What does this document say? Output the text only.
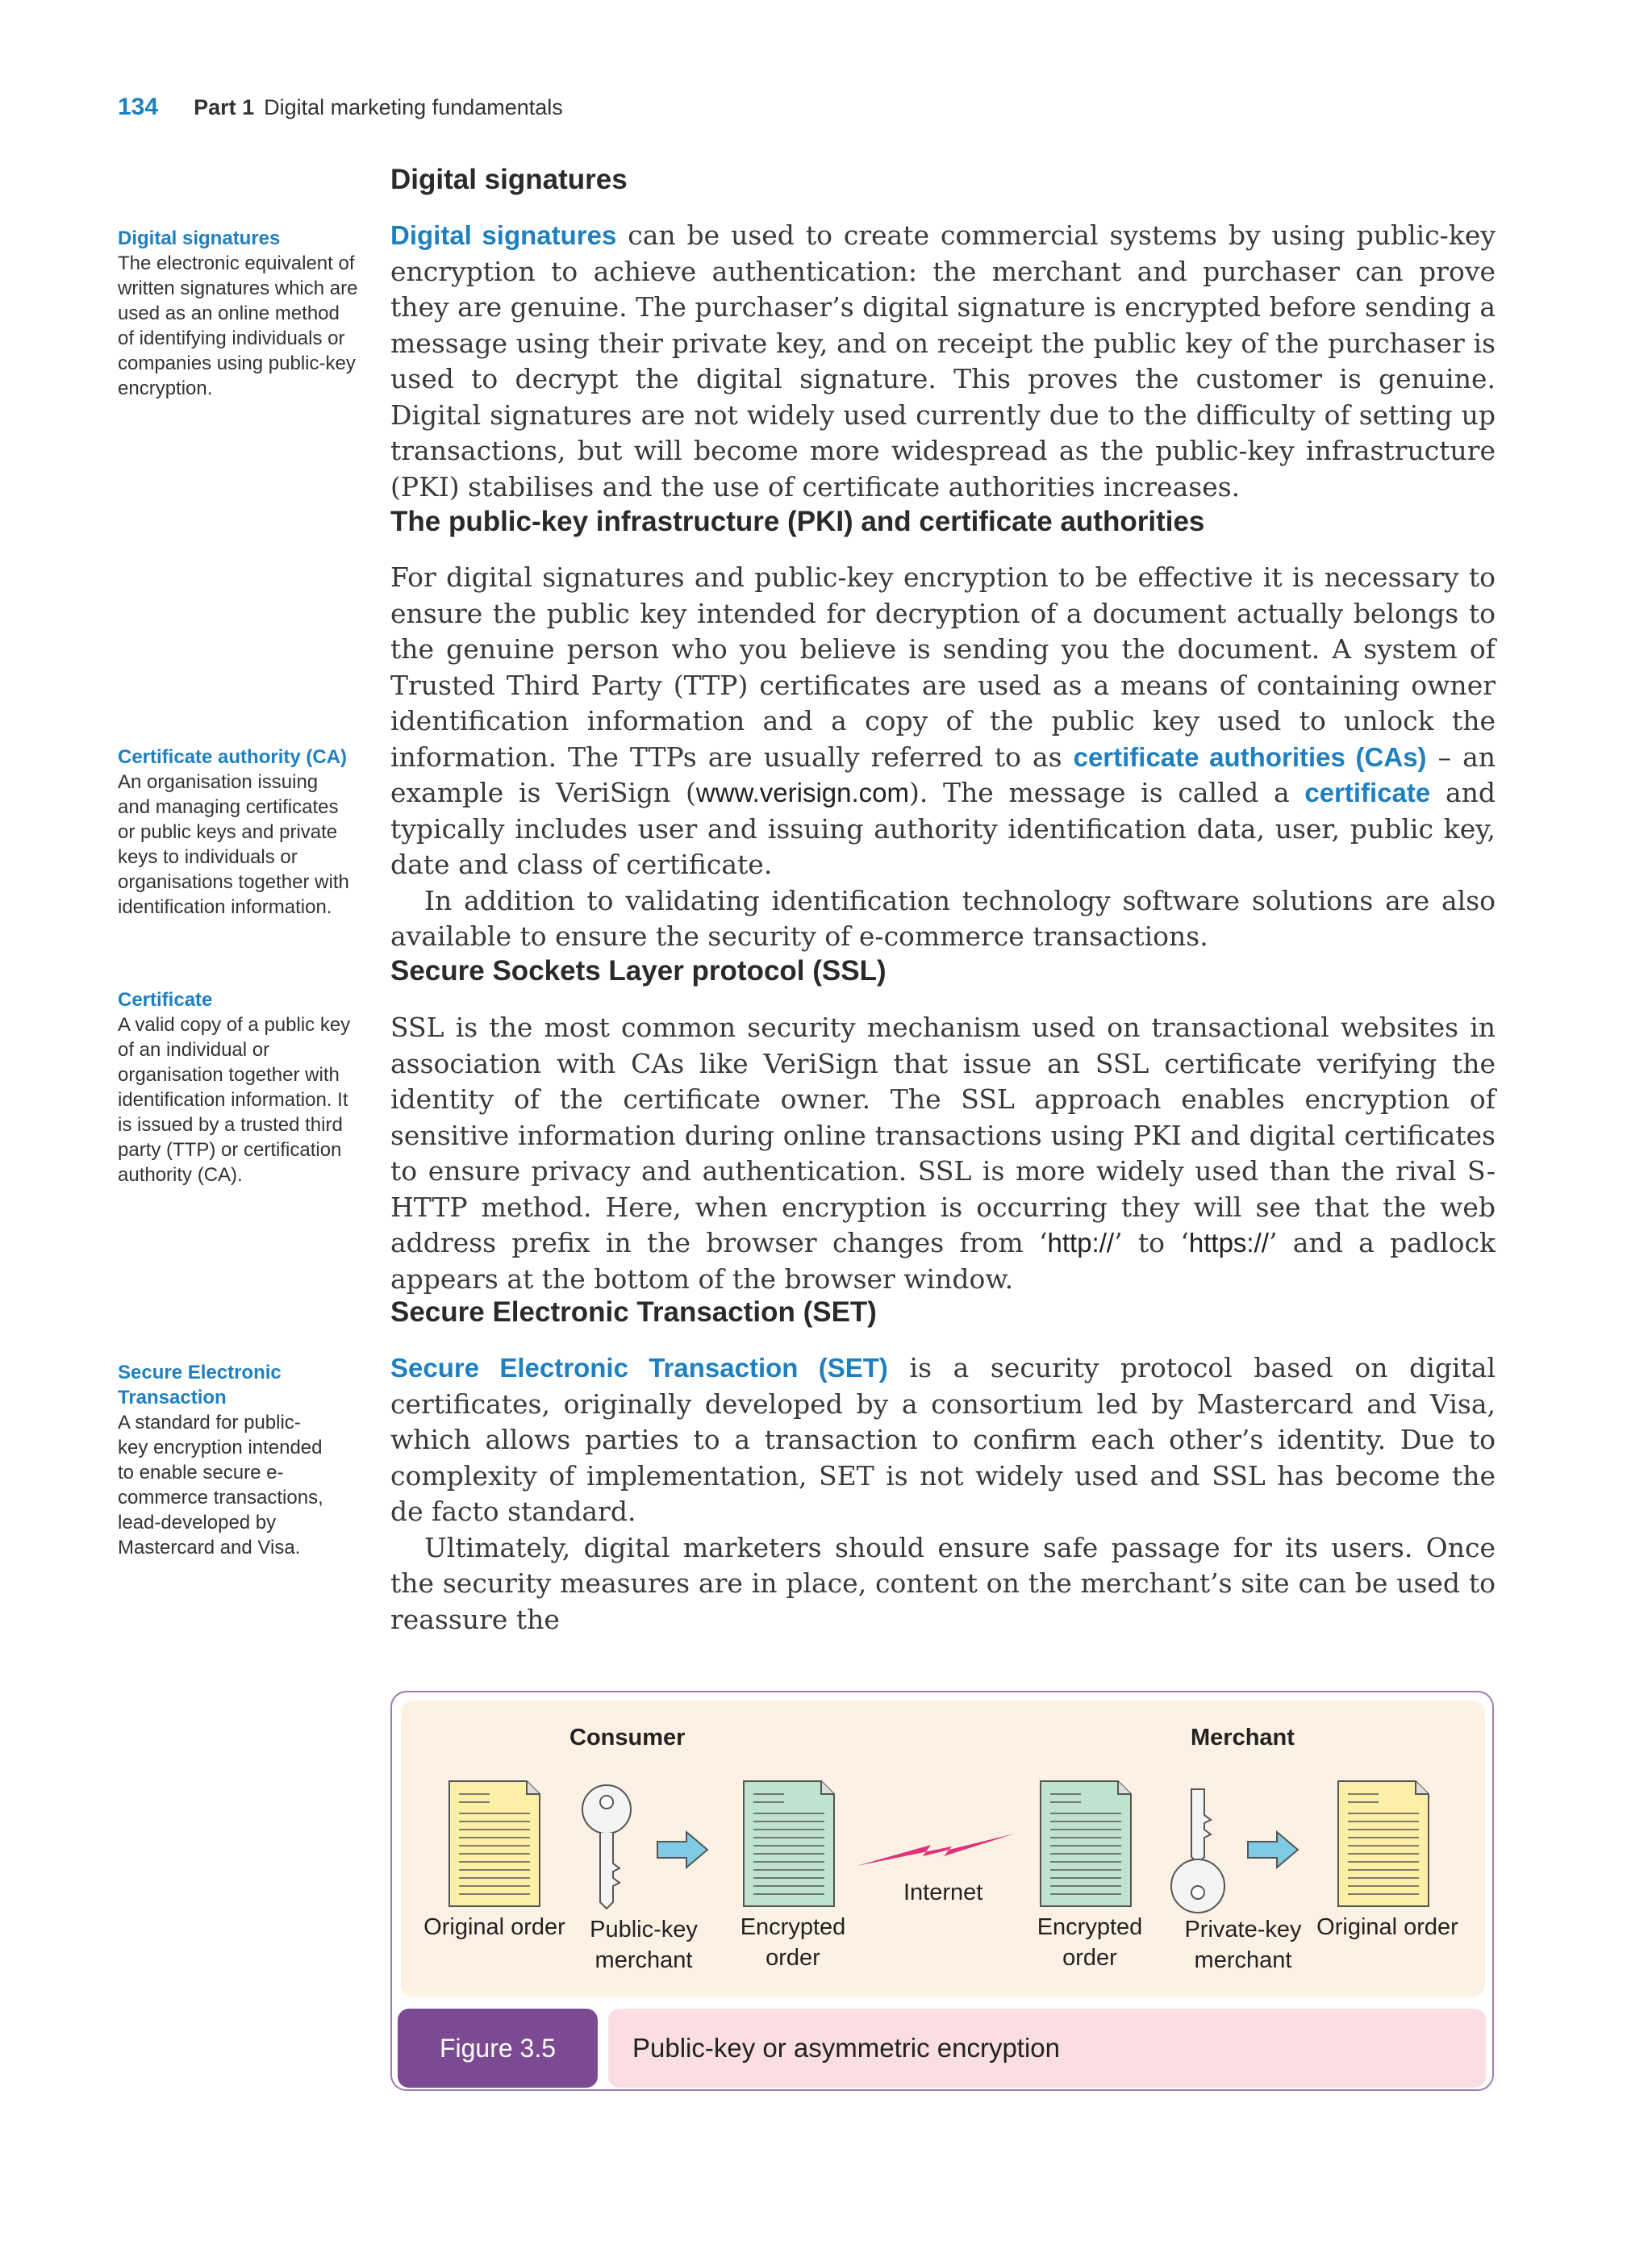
134 Part 1 Digital marketing fundamentals
Digital signatures

Digital signatures can be used to create commercial systems by using public-key encryption to achieve authentication: the merchant and purchaser can prove they are genuine. The purchaser’s digital signature is encrypted before sending a message using their private key, and on receipt the public key of the purchaser is used to decrypt the digital signature. This proves the customer is genuine. Digital signatures are not widely used currently due to the difficulty of setting up transactions, but will become more widespread as the public-key infrastructure (PKI) stabilises and the use of certificate authorities increases.

The public-key infrastructure (PKI) and certificate authorities

For digital signatures and public-key encryption to be effective it is necessary to ensure the public key intended for decryption of a document actually belongs to the genuine person who you believe is sending you the document. A system of Trusted Third Party (TTP) certificates are used as a means of containing owner identification information and a copy of the public key used to unlock the information. The TTPs are usually referred to as certificate authorities (CAs) – an example is VeriSign (www.verisign.com). The message is called a certificate and typically includes user and issuing authority identification data, user, public key, date and class of certificate.

In addition to validating identification technology software solutions are also available to ensure the security of e-commerce transactions.

Secure Sockets Layer protocol (SSL)

SSL is the most common security mechanism used on transactional websites in association with CAs like VeriSign that issue an SSL certificate verifying the identity of the certificate owner. The SSL approach enables encryption of sensitive information during online transactions using PKI and digital certificates to ensure privacy and authentication. SSL is more widely used than the rival S-HTTP method. Here, when encryption is occurring they will see that the web address prefix in the browser changes from ‘http://’ to ‘https://’ and a padlock appears at the bottom of the browser window.

Secure Electronic Transaction (SET)

Secure Electronic Transaction (SET) is a security protocol based on digital certificates, originally developed by a consortium led by Mastercard and Visa, which allows parties to a transaction to confirm each other’s identity. Due to complexity of implementation, SET is not widely used and SSL has become the de facto standard.

Ultimately, digital marketers should ensure safe passage for its users. Once the security measures are in place, content on the merchant’s site can be used to reassure the

Digital signatures
The electronic equivalent of written signatures which are used as an online method of identifying individuals or companies using public-key encryption.
Certificate authority (CA)
An organisation issuing and managing certificates or public keys and private keys to individuals or organisations together with identification information.
Certificate
A valid copy of a public key of an individual or organisation together with identification information. It is issued by a trusted third party (TTP) or certification authority (CA).
Secure Electronic Transaction
A standard for public-key encryption intended to enable secure e-commerce transactions, lead-developed by Mastercard and Visa.
Consumer	Merchant
Internet
Original order	Public-key merchant
Encrypted order
Encrypted order
Private-key merchant
Original order
Figure 3.5	Public-key or asymmetric encryption
